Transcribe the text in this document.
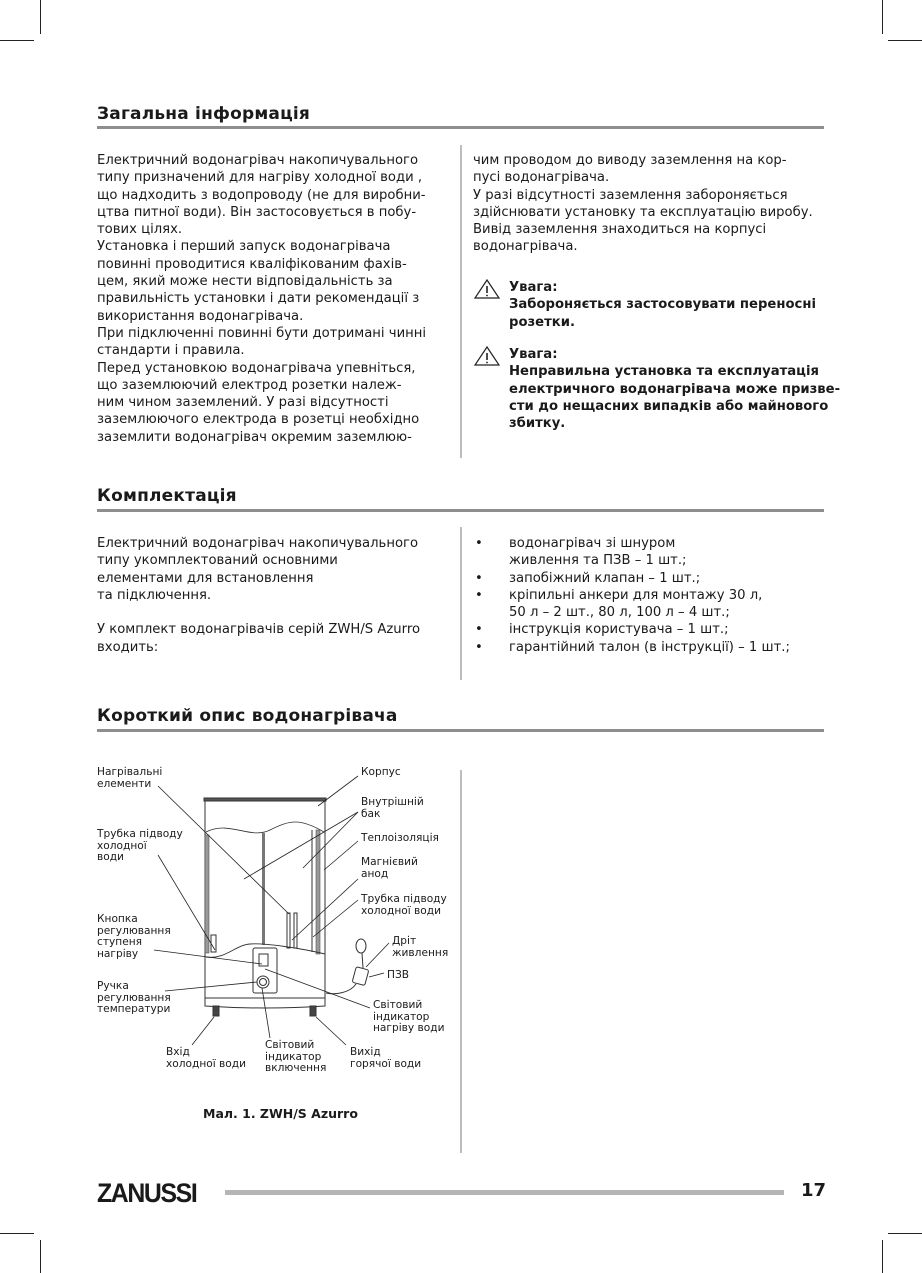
Загальна інформація
Електричний водонагрівач накопичувального
типу призначений для нагріву холодної води ,
що надходить з водопроводу (не для виробни-
цтва питної води). Він застосовується в побу-
тових цілях.
Установка і перший запуск водонагрівача
повинні проводитися кваліфікованим фахів-
цем, який може нести відповідальність за
правильність установки і дати рекомендації з
використання водонагрівача.
При підключенні повинні бути дотримані чинні
стандарти і правила.
Перед установкою водонагрівача упевніться,
що заземлюючий електрод розетки належ-
ним чином заземлений. У разі відсутності
заземлюючого електрода в розетці необхідно
заземлити водонагрівач окремим заземлюю-
чим проводом до виводу заземлення на кор-
пусі водонагрівача.
У разі відсутності заземлення забороняється
здійснювати установку та експлуатацію виробу.
Вивід заземлення знаходиться на корпусі
водонагрівача.
Увага:
Забороняється застосовувати переносні
розетки.
Увага:
Неправильна установка та експлуатація
електричного водонагрівача може призве-
сти до нещасних випадків або майнового
збитку.
Комплектація
Електричний водонагрівач накопичувального
типу укомплектований основними
елементами для встановлення
та підключення.

У комплект водонагрівачів серій ZWH/S Azurro
входить:
• водонагрівач зі шнуром
живлення та ПЗВ – 1 шт.;
• запобіжний клапан – 1 шт.;
• кріпильні анкери для монтажу 30 л,
50 л – 2 шт., 80 л, 100 л – 4 шт.;
• інструкція користувача – 1 шт.;
• гарантійний талон (в інструкції) – 1 шт.;
Короткий опис водонагрівача
Нагрівальні
елементи
Корпус
Внутрішній
бак
Трубка підводу
холодної
води
Теплоізоляція
Магнієвий
анод
Трубка підводу
холодної води
Кнопка
регулювання
ступеня
нагріву
Дріт
живлення
ПЗВ
Ручка
регулювання
температури	Світовий
індикатор
нагріву води
Світовий
індикатор
включення
Вхід
холодної води
Вихід
горячої води
Мал. 1. ZWH/S Azurro
ZANUSSI	17
